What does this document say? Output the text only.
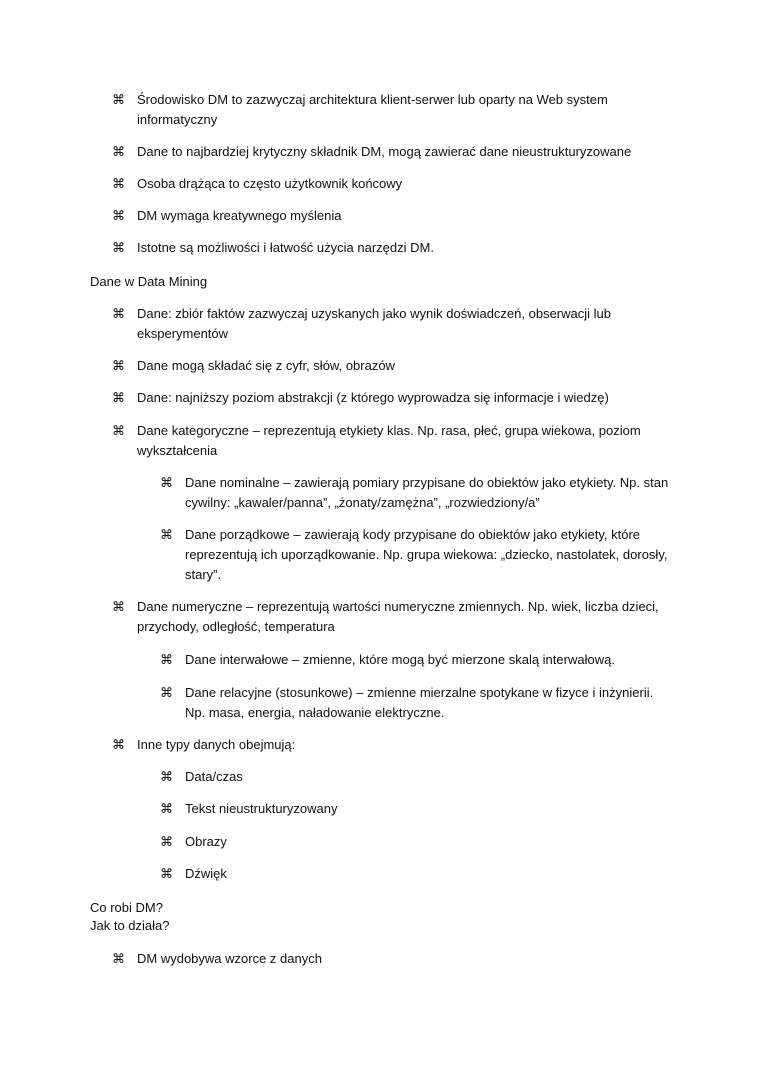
⌘ Środowisko DM to zazwyczaj architektura klient-serwer lub oparty na Web system informatyczny
⌘ Dane to najbardziej krytyczny składnik DM, mogą zawierać dane nieustrukturyzowane
⌘ Osoba drążąca to często użytkownik końcowy
⌘ DM wymaga kreatywnego myślenia
⌘ Istotne są możliwości i łatwość użycia narzędzi DM.
Dane w Data Mining
⌘ Dane: zbiór faktów zazwyczaj uzyskanych jako wynik doświadczeń, obserwacji lub eksperymentów
⌘ Dane mogą składać się z cyfr, słów, obrazów
⌘ Dane: najniższy poziom abstrakcji (z którego wyprowadza się informacje i wiedzę)
⌘ Dane kategoryczne – reprezentują etykiety klas. Np. rasa, płeć, grupa wiekowa, poziom wykształcenia
⌘ Dane nominalne – zawierają pomiary przypisane do obiektów jako etykiety. Np. stan cywilny: „kawaler/panna”, „żonaty/zamężna”, „rozwiedziony/a”
⌘ Dane porządkowe – zawierają kody przypisane do obiektów jako etykiety, które reprezentują ich uporządkowanie. Np. grupa wiekowa: „dziecko, nastolatek, dorosły, stary”.
⌘ Dane numeryczne – reprezentują wartości numeryczne zmiennych. Np. wiek, liczba dzieci, przychody, odległość, temperatura
⌘ Dane interwałowe – zmienne, które mogą być mierzone skalą interwałową.
⌘ Dane relacyjne (stosunkowe) – zmienne mierzalne spotykane w fizyce i inżynierii. Np. masa, energia, naładowanie elektryczne.
⌘ Inne typy danych obejmują:
⌘ Data/czas
⌘ Tekst nieustrukturyzowany
⌘ Obrazy
⌘ Dźwięk
Co robi DM?
Jak to działa?
⌘ DM wydobywa wzorce z danych
